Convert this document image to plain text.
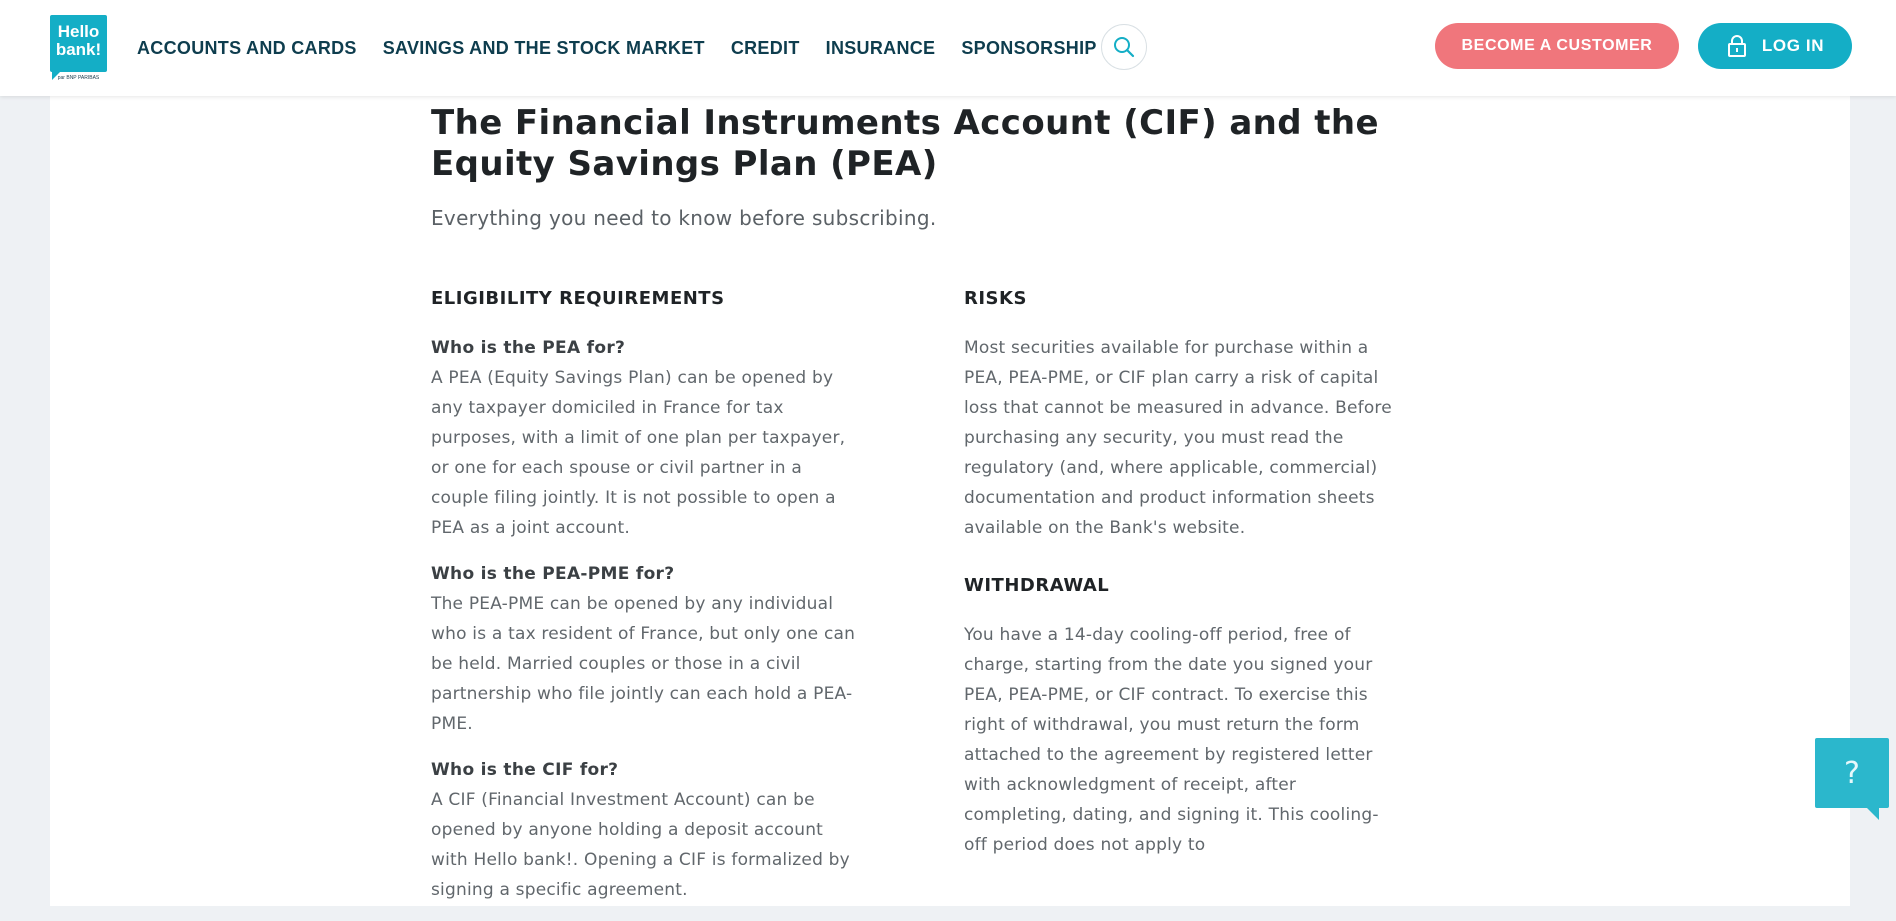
Hello
bank!
par BNP PARIBAS
ACCOUNTS AND CARDS SAVINGS AND THE STOCK MARKET CREDIT INSURANCE SPONSORSHIP	BECOME A CUSTOMER	LOG IN
The Financial Instruments Account (CIF) and the Equity Savings Plan (PEA)

Everything you need to know before subscribing.

ELIGIBILITY REQUIREMENTS

Who is the PEA for?

A PEA (Equity Savings Plan) can be opened by any taxpayer domiciled in France for tax purposes, with a limit of one plan per taxpayer, or one for each spouse or civil partner in a couple filing jointly. It is not possible to open a PEA as a joint account.

Who is the PEA-PME for?

The PEA-PME can be opened by any individual who is a tax resident of France, but only one can be held. Married couples or those in a civil partnership who file jointly can each hold a PEA-PME.

Who is the CIF for?

A CIF (Financial Investment Account) can be opened by anyone holding a deposit account with Hello bank!. Opening a CIF is formalized by signing a specific agreement.

RISKS

Most securities available for purchase within a PEA, PEA-PME, or CIF plan carry a risk of capital loss that cannot be measured in advance. Before purchasing any security, you must read the regulatory (and, where applicable, commercial) documentation and product information sheets available on the Bank's website.

WITHDRAWAL

You have a 14-day cooling-off period, free of charge, starting from the date you signed your PEA, PEA-PME, or CIF contract. To exercise this right of withdrawal, you must return the form attached to the agreement by registered letter with acknowledgment of receipt, after completing, dating, and signing it. This cooling-off period does not apply to

?
